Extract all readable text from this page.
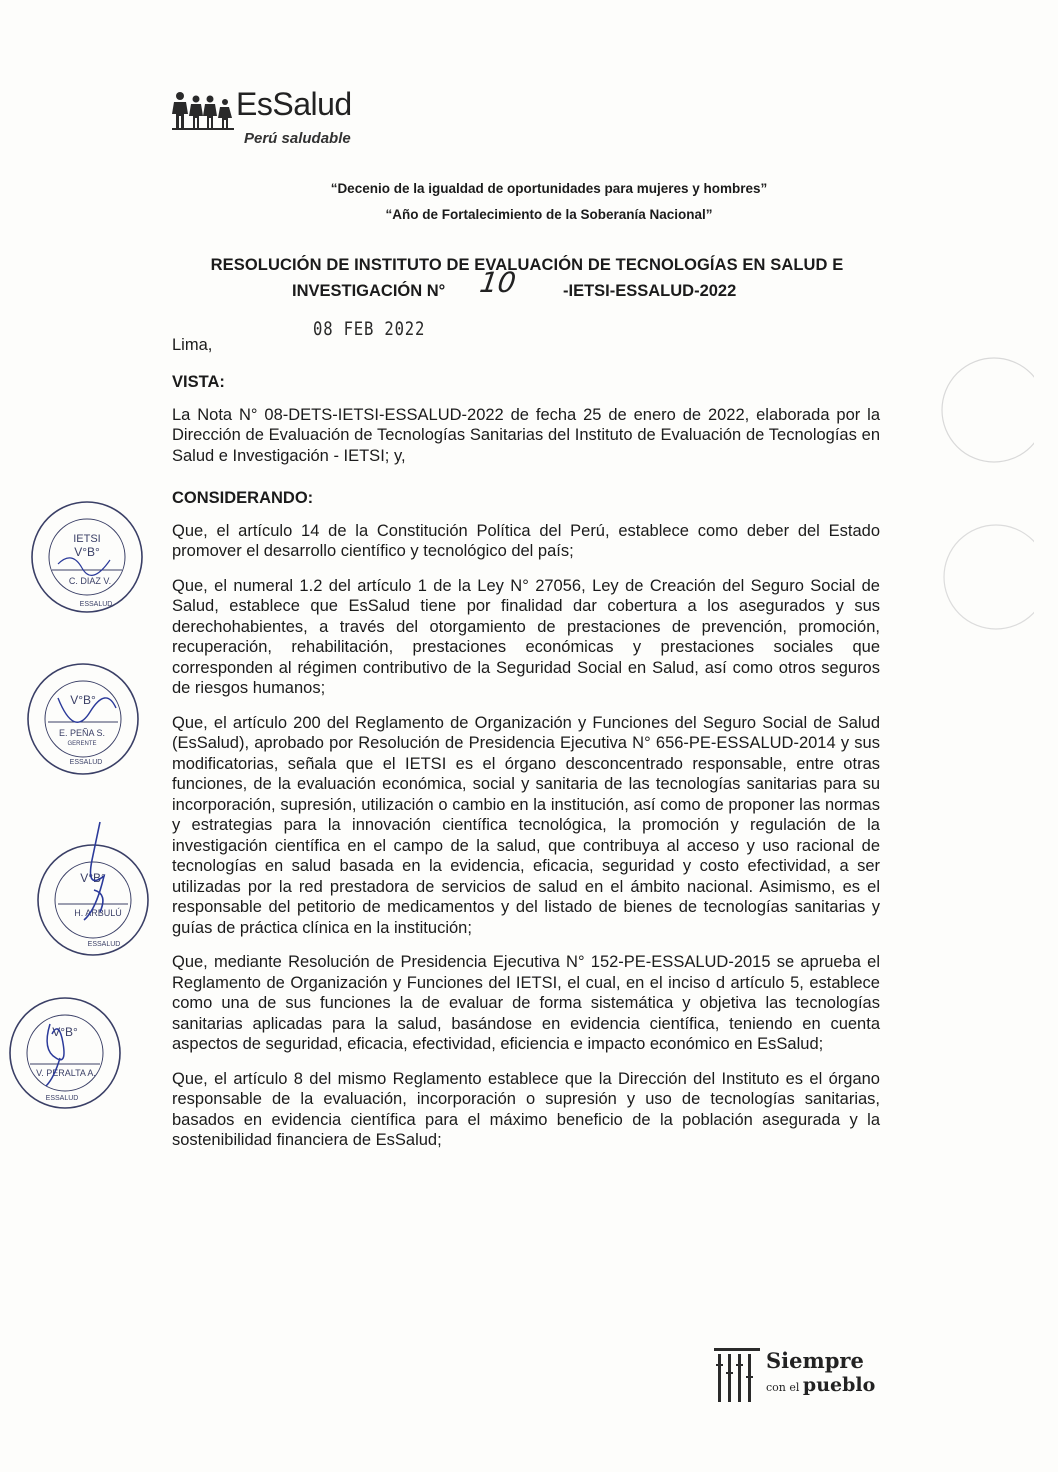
EsSalud
Perú saludable
“Decenio de la igualdad de oportunidades para mujeres y hombres”
“Año de Fortalecimiento de la Soberanía Nacional”
RESOLUCIÓN DE INSTITUTO DE EVALUACIÓN DE TECNOLOGÍAS EN SALUD E
INVESTIGACIÓN N° 10	-IETSI-ESSALUD-2022
Lima,
08 FEB 2022
VISTA:

La Nota N° 08-DETS-IETSI-ESSALUD-2022 de fecha 25 de enero de 2022, elaborada por la Dirección de Evaluación de Tecnologías Sanitarias del Instituto de Evaluación de Tecnologías en Salud e Investigación - IETSI; y,

CONSIDERANDO:

Que, el artículo 14 de la Constitución Política del Perú, establece como deber del Estado promover el desarrollo científico y tecnológico del país;

Que, el numeral 1.2 del artículo 1 de la Ley N° 27056, Ley de Creación del Seguro Social de Salud, establece que EsSalud tiene por finalidad dar cobertura a los asegurados y sus derechohabientes, a través del otorgamiento de prestaciones de prevención, promoción, recuperación, rehabilitación, prestaciones económicas y prestaciones sociales que corresponden al régimen contributivo de la Seguridad Social en Salud, así como otros seguros de riesgos humanos;

Que, el artículo 200 del Reglamento de Organización y Funciones del Seguro Social de Salud (EsSalud), aprobado por Resolución de Presidencia Ejecutiva N° 656-PE-ESSALUD-2014 y sus modificatorias, señala que el IETSI es el órgano desconcentrado responsable, entre otras funciones, de la evaluación económica, social y sanitaria de las tecnologías sanitarias para su incorporación, supresión, utilización o cambio en la institución, así como de proponer las normas y estrategias para la innovación científica tecnológica, la promoción y regulación de la investigación científica en el campo de la salud, que contribuya al acceso y uso racional de tecnologías en salud basada en la evidencia, eficacia, seguridad y costo efectividad, a ser utilizadas por la red prestadora de servicios de salud en el ámbito nacional. Asimismo, es el responsable del petitorio de medicamentos y del listado de bienes de tecnologías sanitarias y guías de práctica clínica en la institución;

Que, mediante Resolución de Presidencia Ejecutiva N° 152-PE-ESSALUD-2015 se aprueba el Reglamento de Organización y Funciones del IETSI, el cual, en el inciso d artículo 5, establece como una de sus funciones la de evaluar de forma sistemática y objetiva las tecnologías sanitarias aplicadas para la salud, basándose en evidencia científica, teniendo en cuenta aspectos de seguridad, eficacia, efectividad, eficiencia e impacto económico en EsSalud;

Que, el artículo 8 del mismo Reglamento establece que la Dirección del Instituto es el órgano responsable de la evaluación, incorporación o supresión y uso de tecnologías sanitarias, basados en evidencia científica para el máximo beneficio de la población asegurada y la sostenibilidad financiera de EsSalud;

IETSI
V°B°
C. DIAZ V.
ESSALUD
V°B°
E. PEÑA S.
GERENTE
ESSALUD
V°B°
H. ARBULÚ
ESSALUD
V°B°
V. PERALTA A.
ESSALUD
Siempre
con el pueblo
